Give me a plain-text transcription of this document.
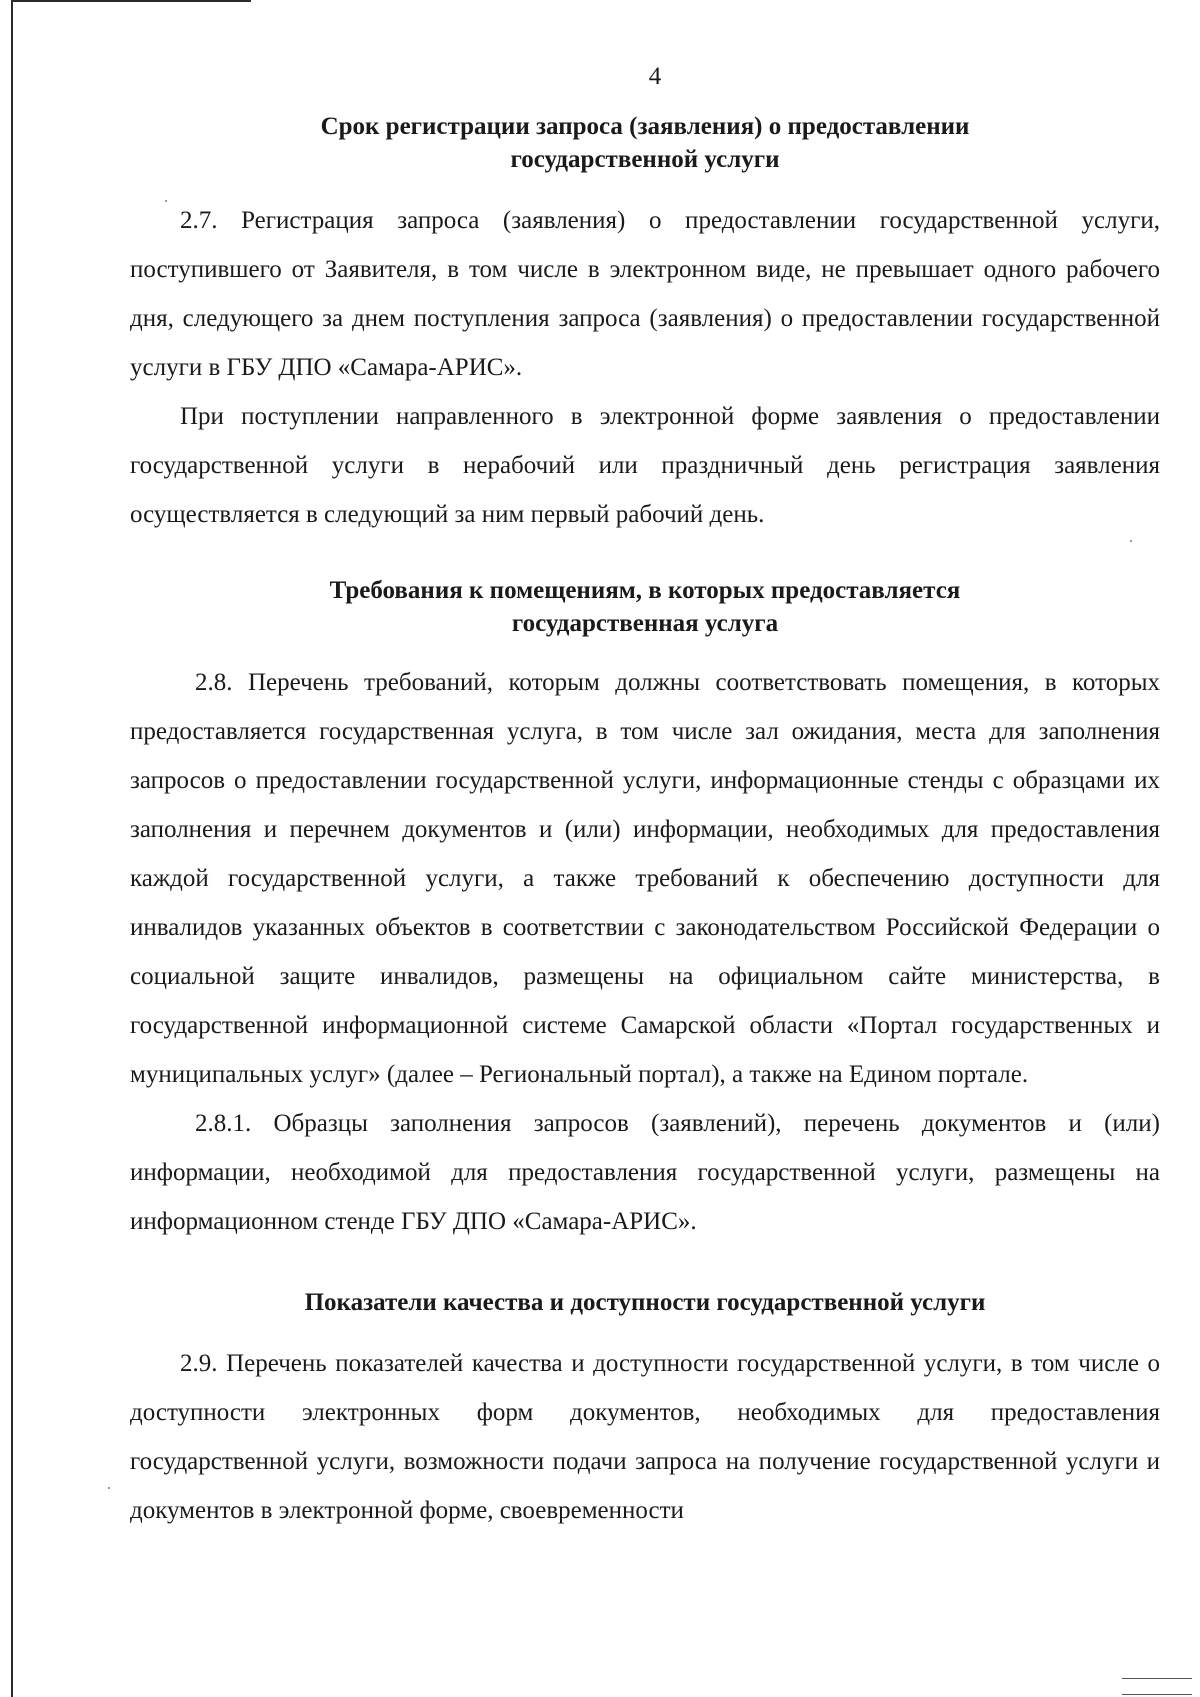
4
Срок регистрации запроса (заявления) о предоставлении
государственной услуги

2.7. Регистрация запроса (заявления) о предоставлении государственной услуги, поступившего от Заявителя, в том числе в электронном виде, не превышает одного рабочего дня, следующего за днем поступления запроса (заявления) о предоставлении государственной услуги в ГБУ ДПО «Самара-АРИС».

При поступлении направленного в электронной форме заявления о предоставлении государственной услуги в нерабочий или праздничный день регистрация заявления осуществляется в следующий за ним первый рабочий день.

Требования к помещениям, в которых предоставляется
государственная услуга

2.8. Перечень требований, которым должны соответствовать помещения, в которых предоставляется государственная услуга, в том числе зал ожидания, места для заполнения запросов о предоставлении государственной услуги, информационные стенды с образцами их заполнения и перечнем документов и (или) информации, необходимых для предоставления каждой государственной услуги, а также требований к обеспечению доступности для инвалидов указанных объектов в соответствии с законодательством Российской Федерации о социальной защите инвалидов, размещены на официальном сайте министерства, в государственной информационной системе Самарской области «Портал государственных и муниципальных услуг» (далее – Региональный портал), а также на Едином портале.

2.8.1. Образцы заполнения запросов (заявлений), перечень документов и (или) информации, необходимой для предоставления государственной услуги, размещены на информационном стенде ГБУ ДПО «Самара-АРИС».

Показатели качества и доступности государственной услуги

2.9. Перечень показателей качества и доступности государственной услуги, в том числе о доступности электронных форм документов, необходимых для предоставления государственной услуги, возможности подачи запроса на получение государственной услуги и документов в электронной форме, своевременности
